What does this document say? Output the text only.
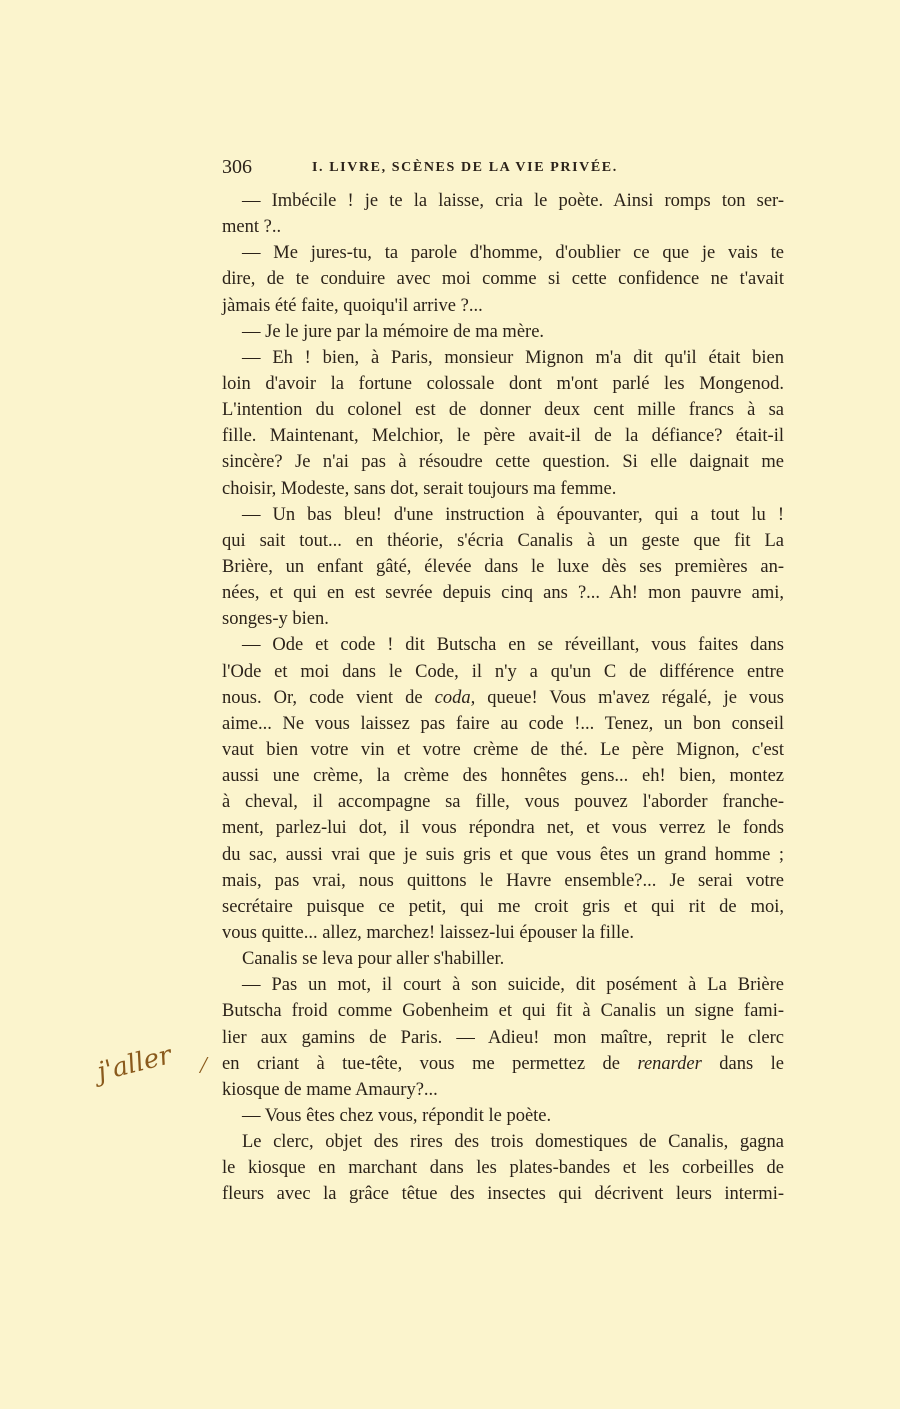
306	I. LIVRE, SCÈNES DE LA VIE PRIVÉE.
— Imbécile ! je te la laisse, cria le poète. Ainsi romps ton ser-
ment ?..
— Me jures-tu, ta parole d'homme, d'oublier ce que je vais te
dire, de te conduire avec moi comme si cette confidence ne t'avait
jàmais été faite, quoiqu'il arrive ?...
— Je le jure par la mémoire de ma mère.
— Eh ! bien, à Paris, monsieur Mignon m'a dit qu'il était bien
loin d'avoir la fortune colossale dont m'ont parlé les Mongenod.
L'intention du colonel est de donner deux cent mille francs à sa
fille. Maintenant, Melchior, le père avait-il de la défiance? était-il
sincère? Je n'ai pas à résoudre cette question. Si elle daignait me
choisir, Modeste, sans dot, serait toujours ma femme.
— Un bas bleu! d'une instruction à épouvanter, qui a tout lu !
qui sait tout... en théorie, s'écria Canalis à un geste que fit La
Brière, un enfant gâté, élevée dans le luxe dès ses premières an-
nées, et qui en est sevrée depuis cinq ans ?... Ah! mon pauvre ami,
songes-y bien.
— Ode et code ! dit Butscha en se réveillant, vous faites dans
l'Ode et moi dans le Code, il n'y a qu'un C de différence entre
nous. Or, code vient de coda, queue! Vous m'avez régalé, je vous
aime... Ne vous laissez pas faire au code !... Tenez, un bon conseil
vaut bien votre vin et votre crème de thé. Le père Mignon, c'est
aussi une crème, la crème des honnêtes gens... eh! bien, montez
à cheval, il accompagne sa fille, vous pouvez l'aborder franche-
ment, parlez-lui dot, il vous répondra net, et vous verrez le fonds
du sac, aussi vrai que je suis gris et que vous êtes un grand homme ;
mais, pas vrai, nous quittons le Havre ensemble?... Je serai votre
secrétaire puisque ce petit, qui me croit gris et qui rit de moi,
vous quitte... allez, marchez! laissez-lui épouser la fille.
Canalis se leva pour aller s'habiller.
— Pas un mot, il court à son suicide, dit posément à La Brière
Butscha froid comme Gobenheim et qui fit à Canalis un signe fami-
lier aux gamins de Paris. — Adieu! mon maître, reprit le clerc
en criant à tue-tête, vous me permettez de renarder dans le
kiosque de mame Amaury?...
— Vous êtes chez vous, répondit le poète.
Le clerc, objet des rires des trois domestiques de Canalis, gagna
le kiosque en marchant dans les plates-bandes et les corbeilles de
fleurs avec la grâce têtue des insectes qui décrivent leurs intermi-
j'aller /
